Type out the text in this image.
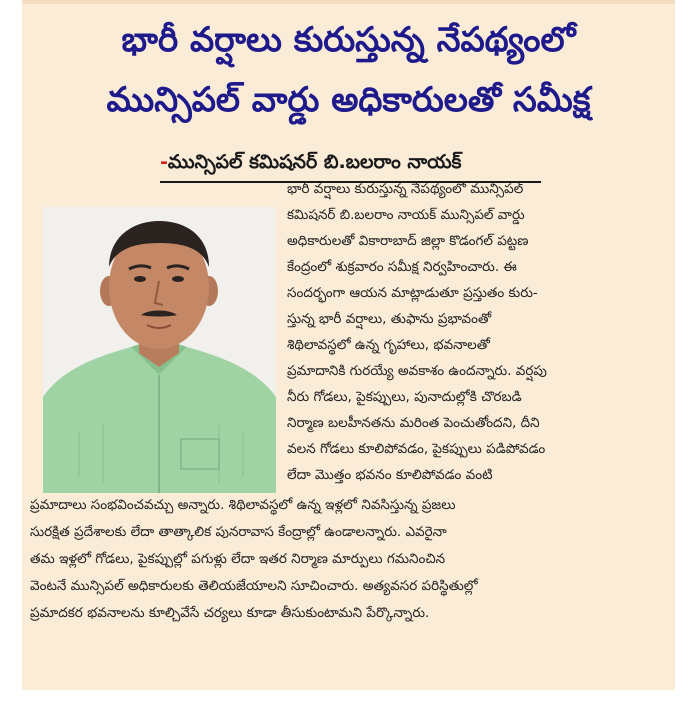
భారీ వర్షాలు కురుస్తున్న నేపథ్యంలో
మున్సిపల్ వార్డు అధికారులతో సమీక్ష
-మున్సిపల్ కమిషనర్ బి.బలరాం నాయక్
భారీ వర్షాలు కురుస్తున్న నేపథ్యంలో మున్సిపల్
కమిషనర్ బి.బలరాం నాయక్ మున్సిపల్ వార్డు
అధికారులతో వికారాబాద్ జిల్లా కొడంగల్ పట్టణ
కేంద్రంలో శుక్రవారం సమీక్ష నిర్వహించారు. ఈ
సందర్భంగా ఆయన మాట్లాడుతూ ప్రస్తుతం కురు-
స్తున్న భారీ వర్షాలు, తుఫాను ప్రభావంతో
శిథిలావస్థలో ఉన్న గృహాలు, భవనాలతో
ప్రమాదానికి గురయ్యే అవకాశం ఉందన్నారు. వర్షపు
నీరు గోడలు, పైకప్పులు, పునాదుల్లోకి చొరబడి
నిర్మాణ బలహీనతను మరింత పెంచుతోందని, దీని
వలన గోడలు కూలిపోవడం, పైకప్పులు పడిపోవడం
లేదా మొత్తం భవనం కూలిపోవడం వంటి
ప్రమాదాలు సంభవించవచ్చు అన్నారు. శిథిలావస్థలో ఉన్న ఇళ్లలో నివసిస్తున్న ప్రజలు
సురక్షిత ప్రదేశాలకు లేదా తాత్కాలిక పునరావాస కేంద్రాల్లో ఉండాలన్నారు. ఎవరైనా
తమ ఇళ్లలో గోడలు, పైకప్పుల్లో పగుళ్లు లేదా ఇతర నిర్మాణ మార్పులు గమనించిన
వెంటనే మున్సిపల్ అధికారులకు తెలియజేయాలని సూచించారు. అత్యవసర పరిస్థితుల్లో
ప్రమాదకర భవనాలను కూల్చివేసే చర్యలు కూడా తీసుకుంటామని పేర్కొన్నారు.
